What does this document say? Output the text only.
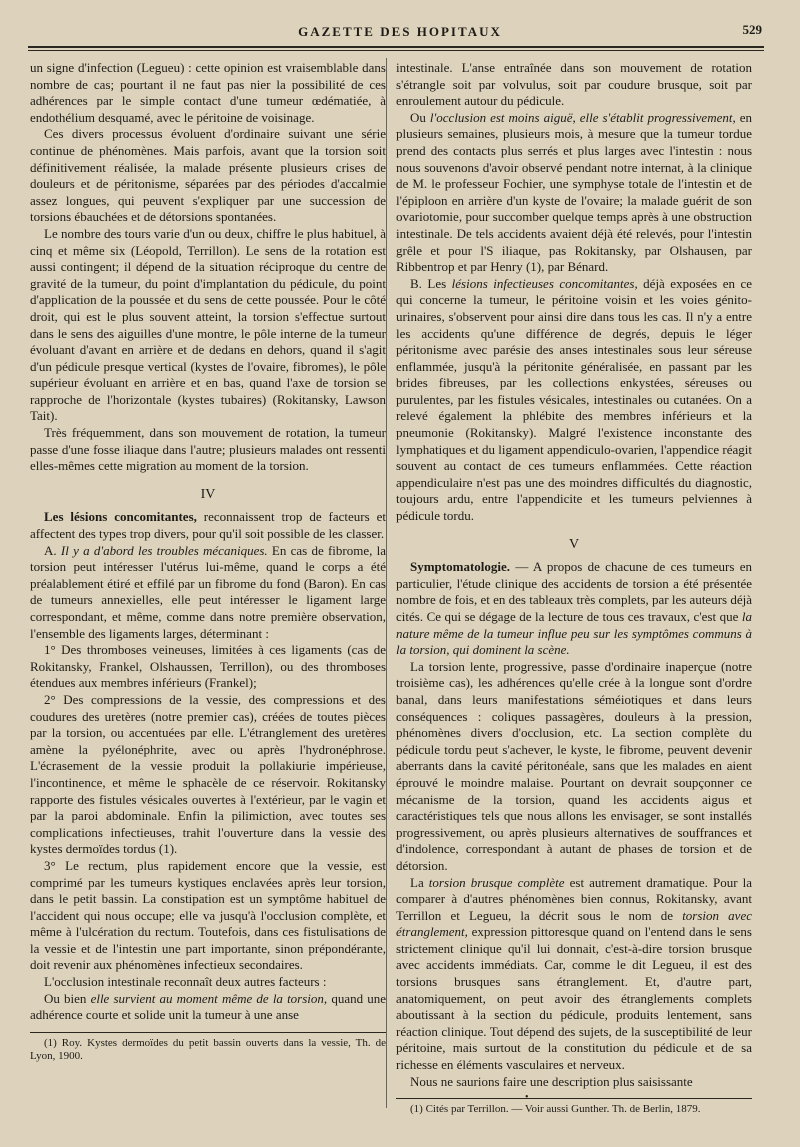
GAZETTE DES HOPITAUX	529

un signe d'infection (Legueu) : cette opinion est vraisemblable dans nombre de cas; pourtant il ne faut pas nier la possibilité de ces adhérences par le simple contact d'une tumeur œdématiée, à endothélium desquamé, avec le péritoine de voisinage.

Ces divers processus évoluent d'ordinaire suivant une série continue de phénomènes. Mais parfois, avant que la torsion soit définitivement réalisée, la malade présente plusieurs crises de douleurs et de péritonisme, séparées par des périodes d'accalmie assez longues, qui peuvent s'expliquer par une succession de torsions ébauchées et de détorsions spontanées.

Le nombre des tours varie d'un ou deux, chiffre le plus habituel, à cinq et même six (Léopold, Terrillon). Le sens de la rotation est aussi contingent; il dépend de la situation réciproque du centre de gravité de la tumeur, du point d'implantation du pédicule, du point d'application de la poussée et du sens de cette poussée. Pour le côté droit, qui est le plus souvent atteint, la torsion s'effectue surtout dans le sens des aiguilles d'une montre, le pôle interne de la tumeur évoluant d'avant en arrière et de dedans en dehors, quand il s'agit d'un pédicule presque vertical (kystes de l'ovaire, fibromes), le pôle supérieur évoluant en arrière et en bas, quand l'axe de torsion se rapproche de l'horizontale (kystes tubaires) (Rokitansky, Lawson Tait).

Très fréquemment, dans son mouvement de rotation, la tumeur passe d'une fosse iliaque dans l'autre; plusieurs malades ont ressenti elles-mêmes cette migration au moment de la torsion.

IV

Les lésions concomitantes, reconnaissent trop de facteurs et affectent des types trop divers, pour qu'il soit possible de les classer.

A. Il y a d'abord les troubles mécaniques. En cas de fibrome, la torsion peut intéresser l'utérus lui-même, quand le corps a été préalablement étiré et effilé par un fibrome du fond (Baron). En cas de tumeurs annexielles, elle peut intéresser le ligament large correspondant, et même, comme dans notre première observation, l'ensemble des ligaments larges, déterminant :

1° Des thromboses veineuses, limitées à ces ligaments (cas de Rokitansky, Frankel, Olshaussen, Terrillon), ou des thromboses étendues aux membres inférieurs (Frankel);

2° Des compressions de la vessie, des compressions et des coudures des uretères (notre premier cas), créées de toutes pièces par la torsion, ou accentuées par elle. L'étranglement des uretères amène la pyélonéphrite, avec ou après l'hydronéphrose. L'écrasement de la vessie produit la pollakiurie impérieuse, l'incontinence, et même le sphacèle de ce réservoir. Rokitansky rapporte des fistules vésicales ouvertes à l'extérieur, par le vagin et par la paroi abdominale. Enfin la pilimiction, avec toutes ses complications infectieuses, trahit l'ouverture dans la vessie des kystes dermoïdes tordus (1).

3° Le rectum, plus rapidement encore que la vessie, est comprimé par les tumeurs kystiques enclavées après leur torsion, dans le petit bassin. La constipation est un symptôme habituel de l'accident qui nous occupe; elle va jusqu'à l'occlusion complète, et même à l'ulcération du rectum. Toutefois, dans ces fistulisations de la vessie et de l'intestin une part importante, sinon prépondérante, doit revenir aux phénomènes infectieux secondaires.

L'occlusion intestinale reconnaît deux autres facteurs :

Ou bien elle survient au moment même de la torsion, quand une adhérence courte et solide unit la tumeur à une anse

(1) Roy. Kystes dermoïdes du petit bassin ouverts dans la vessie, Th. de Lyon, 1900.

intestinale. L'anse entraînée dans son mouvement de rotation s'étrangle soit par volvulus, soit par coudure brusque, soit par enroulement autour du pédicule.

Ou l'occlusion est moins aiguë, elle s'établit progressivement, en plusieurs semaines, plusieurs mois, à mesure que la tumeur tordue prend des contacts plus serrés et plus larges avec l'intestin : nous nous souvenons d'avoir observé pendant notre internat, à la clinique de M. le professeur Fochier, une symphyse totale de l'intestin et de l'épiploon en arrière d'un kyste de l'ovaire; la malade guérit de son ovariotomie, pour succomber quelque temps après à une obstruction intestinale. De tels accidents avaient déjà été relevés, pour l'intestin grêle et pour l'S iliaque, pas Rokitansky, par Olshausen, par Ribbentrop et par Henry (1), par Bénard.

B. Les lésions infectieuses concomitantes, déjà exposées en ce qui concerne la tumeur, le péritoine voisin et les voies génito-urinaires, s'observent pour ainsi dire dans tous les cas. Il n'y a entre les accidents qu'une différence de degrés, depuis le léger péritonisme avec parésie des anses intestinales sous leur séreuse enflammée, jusqu'à la péritonite généralisée, en passant par les brides fibreuses, par les collections enkystées, séreuses ou purulentes, par les fistules vésicales, intestinales ou cutanées. On a relevé également la phlébite des membres inférieurs et la pneumonie (Rokitansky). Malgré l'existence inconstante des lymphatiques et du ligament appendiculo-ovarien, l'appendice réagit souvent au contact de ces tumeurs enflammées. Cette réaction appendiculaire n'est pas une des moindres difficultés du diagnostic, toujours ardu, entre l'appendicite et les tumeurs pelviennes à pédicule tordu.

V

Symptomatologie. — A propos de chacune de ces tumeurs en particulier, l'étude clinique des accidents de torsion a été présentée nombre de fois, et en des tableaux très complets, par les auteurs déjà cités. Ce qui se dégage de la lecture de tous ces travaux, c'est que la nature même de la tumeur influe peu sur les symptômes communs à la torsion, qui dominent la scène.

La torsion lente, progressive, passe d'ordinaire inaperçue (notre troisième cas), les adhérences qu'elle crée à la longue sont d'ordre banal, dans leurs manifestations séméiotiques et dans leurs conséquences : coliques passagères, douleurs à la pression, phénomènes divers d'occlusion, etc. La section complète du pédicule tordu peut s'achever, le kyste, le fibrome, peuvent devenir aberrants dans la cavité péritonéale, sans que les malades en aient éprouvé le moindre malaise. Pourtant on devrait soupçonner ce mécanisme de la torsion, quand les accidents aigus et caractéristiques tels que nous allons les envisager, se sont installés progressivement, ou après plusieurs alternatives de souffrances et d'indolence, correspondant à autant de phases de torsion et de détorsion.

La torsion brusque complète est autrement dramatique. Pour la comparer à d'autres phénomènes bien connus, Rokitansky, avant Terrillon et Legueu, la décrit sous le nom de torsion avec étranglement, expression pittoresque quand on l'entend dans le sens strictement clinique qu'il lui donnait, c'est-à-dire torsion brusque avec accidents immédiats. Car, comme le dit Legueu, il est des torsions brusques sans étranglement. Et, d'autre part, anatomiquement, on peut avoir des étranglements complets aboutissant à la section du pédicule, produits lentement, sans réaction clinique. Tout dépend des sujets, de la susceptibilité de leur péritoine, mais surtout de la constitution du pédicule et de sa richesse en éléments vasculaires et nerveux.

Nous ne saurions faire une description plus saisissante

(1) Cités par Terrillon. — Voir aussi Gunther. Th. de Berlin, 1879.

•
